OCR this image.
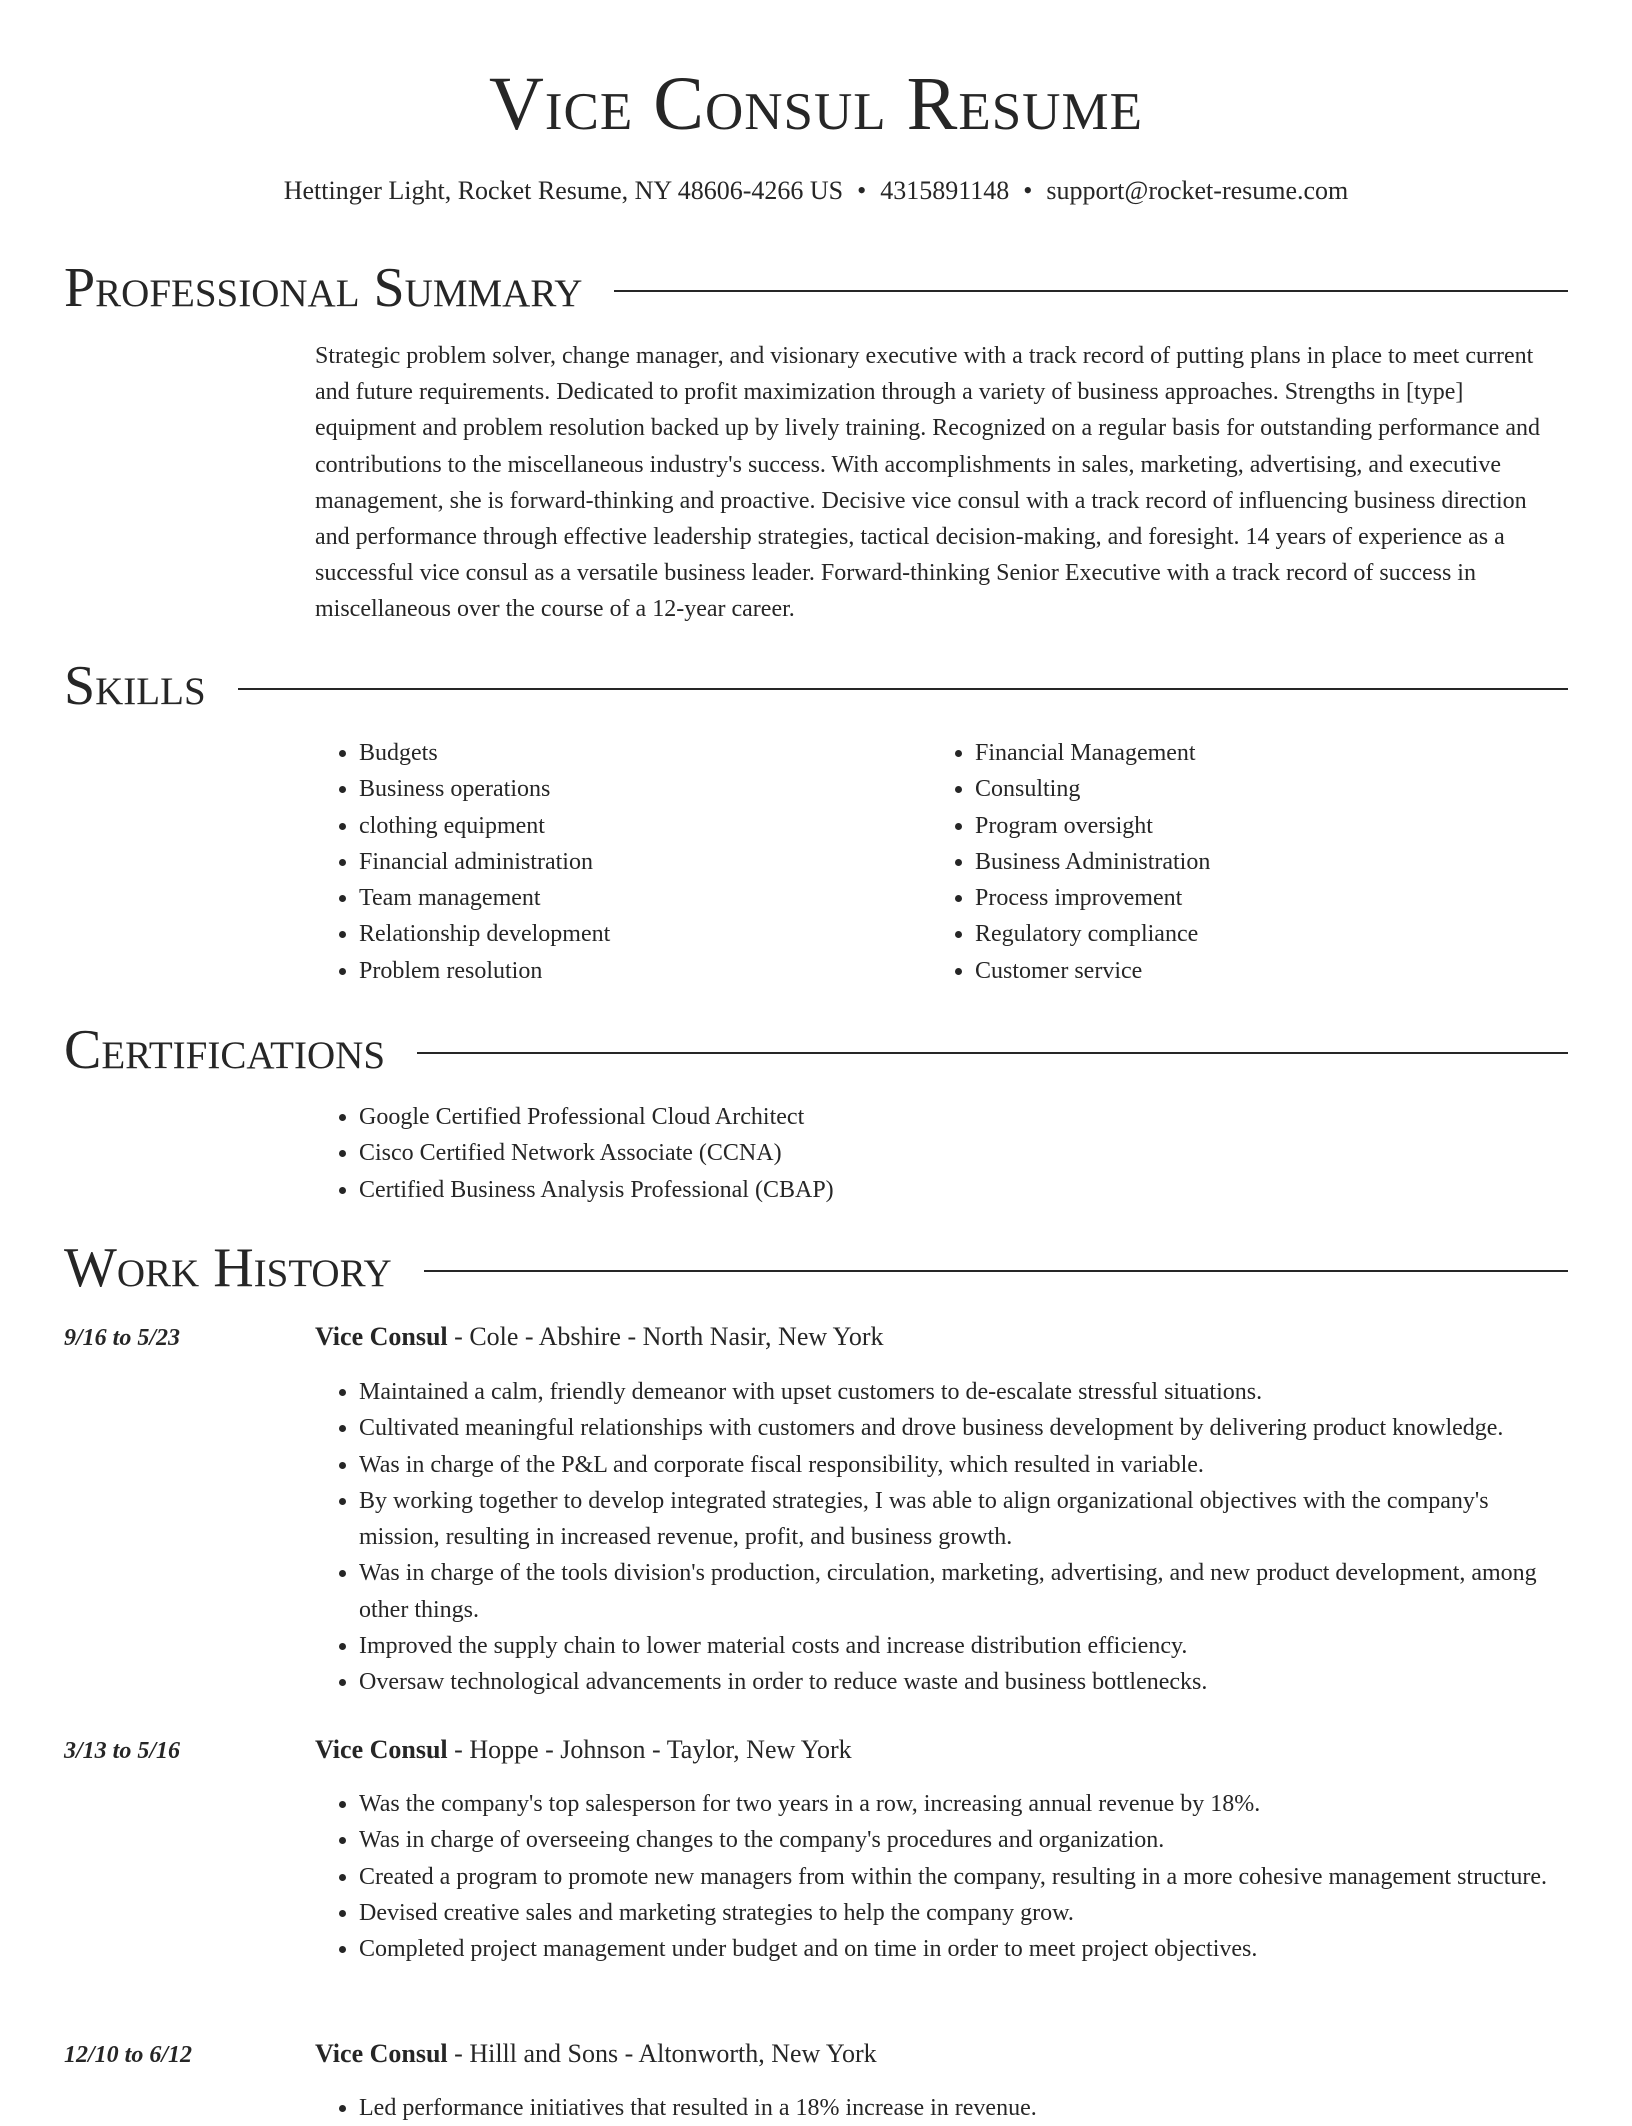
Vice Consul Resume
Hettinger Light, Rocket Resume, NY 48606-4266 US • 4315891148 • support@rocket-resume.com
Professional Summary

Strategic problem solver, change manager, and visionary executive with a track record of putting plans in place to meet current and future requirements. Dedicated to profit maximization through a variety of business approaches. Strengths in [type] equipment and problem resolution backed up by lively training. Recognized on a regular basis for outstanding performance and contributions to the miscellaneous industry's success. With accomplishments in sales, marketing, advertising, and executive management, she is forward-thinking and proactive. Decisive vice consul with a track record of influencing business direction and performance through effective leadership strategies, tactical decision-making, and foresight. 14 years of experience as a successful vice consul as a versatile business leader. Forward-thinking Senior Executive with a track record of success in miscellaneous over the course of a 12-year career.

Skills
• Budgets
• Business operations
• clothing equipment
• Financial administration
• Team management
• Relationship development
• Problem resolution
• Financial Management
• Consulting
• Program oversight
• Business Administration
• Process improvement
• Regulatory compliance
• Customer service
Certifications
• Google Certified Professional Cloud Architect
• Cisco Certified Network Associate (CCNA)
• Certified Business Analysis Professional (CBAP)
Work History
9/16 to 5/23	Vice Consul - Cole - Abshire - North Nasir, New York
• Maintained a calm, friendly demeanor with upset customers to de-escalate stressful situations.
• Cultivated meaningful relationships with customers and drove business development by delivering product knowledge.
• Was in charge of the P&L and corporate fiscal responsibility, which resulted in variable.
• By working together to develop integrated strategies, I was able to align organizational objectives with the company's mission, resulting in increased revenue, profit, and business growth.
• Was in charge of the tools division's production, circulation, marketing, advertising, and new product development, among other things.
• Improved the supply chain to lower material costs and increase distribution efficiency.
• Oversaw technological advancements in order to reduce waste and business bottlenecks.
3/13 to 5/16	Vice Consul - Hoppe - Johnson - Taylor, New York
• Was the company's top salesperson for two years in a row, increasing annual revenue by 18%.
• Was in charge of overseeing changes to the company's procedures and organization.
• Created a program to promote new managers from within the company, resulting in a more cohesive management structure.
• Devised creative sales and marketing strategies to help the company grow.
• Completed project management under budget and on time in order to meet project objectives.
12/10 to 6/12	Vice Consul - Hilll and Sons - Altonworth, New York
• Led performance initiatives that resulted in a 18% increase in revenue.
